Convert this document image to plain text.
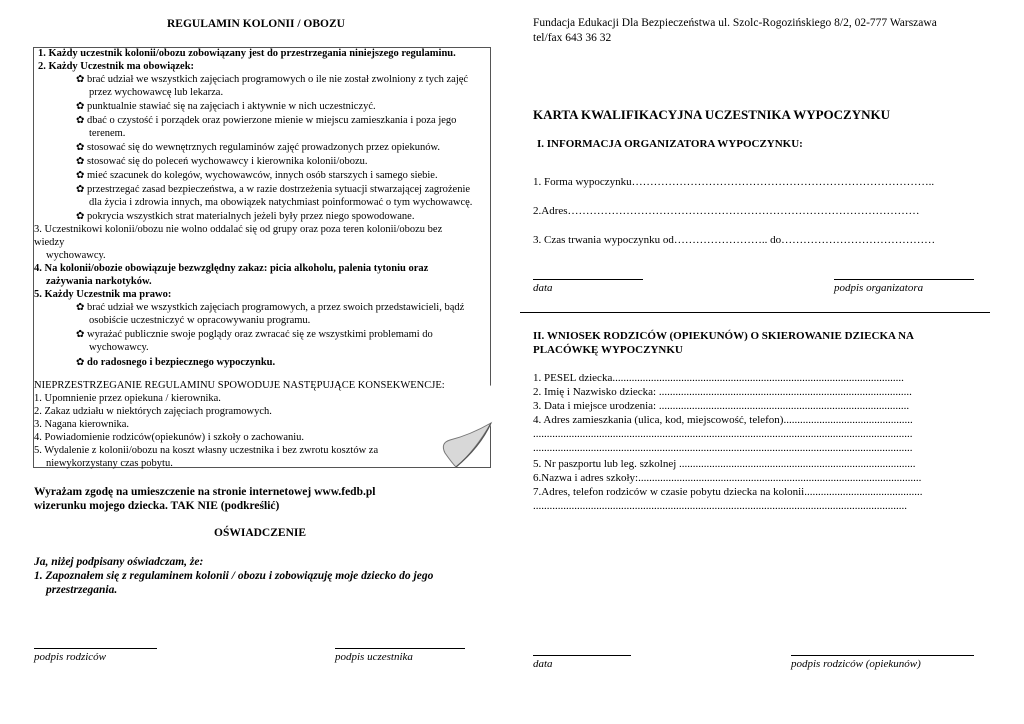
REGULAMIN KOLONII / OBOZU
1. Każdy uczestnik kolonii/obozu zobowiązany jest do przestrzegania niniejszego regulaminu.
2. Każdy Uczestnik ma obowiązek:
✿ brać udział we wszystkich zajęciach programowych o ile nie został zwolniony z tych zajęć
przez wychowawcę lub lekarza.
✿ punktualnie stawiać się na zajęciach i aktywnie w nich uczestniczyć.
✿ dbać o czystość i porządek oraz powierzone mienie w miejscu zamieszkania i poza jego
terenem.
✿ stosować się do wewnętrznych regulaminów zajęć prowadzonych przez opiekunów.
✿ stosować się do poleceń wychowawcy i kierownika kolonii/obozu.
✿ mieć szacunek do kolegów, wychowawców, innych osób starszych i samego siebie.
✿ przestrzegać zasad bezpieczeństwa, a w razie dostrzeżenia sytuacji stwarzającej zagrożenie
dla życia i zdrowia innych, ma obowiązek natychmiast poinformować o tym wychowawcę.
✿ pokrycia wszystkich strat materialnych jeżeli były przez niego spowodowane.
3. Uczestnikowi kolonii/obozu nie wolno oddalać się od grupy oraz poza teren kolonii/obozu bez
wiedzy
wychowawcy.
4. Na kolonii/obozie obowiązuje bezwzględny zakaz: picia alkoholu, palenia tytoniu oraz
zażywania narkotyków.
5. Każdy Uczestnik ma prawo:
✿ brać udział we wszystkich zajęciach programowych, a przez swoich przedstawicieli, bądź
osobiście uczestniczyć w opracowywaniu programu.
✿ wyrażać publicznie swoje poglądy oraz zwracać się ze wszystkimi problemami do
wychowawcy.
✿ do radosnego i bezpiecznego wypoczynku.
NIEPRZESTRZEGANIE REGULAMINU SPOWODUJE NASTĘPUJĄCE KONSEKWENCJE:
1. Upomnienie przez opiekuna / kierownika.
2. Zakaz udziału w niektórych zajęciach programowych.
3. Nagana kierownika.
4. Powiadomienie rodziców(opiekunów) i szkoły o zachowaniu.
5. Wydalenie z kolonii/obozu na koszt własny uczestnika i bez zwrotu kosztów za
niewykorzystany czas pobytu.
Wyrażam zgodę na umieszczenie na stronie internetowej www.fedb.pl
wizerunku mojego dziecka. TAK NIE (podkreślić)
OŚWIADCZENIE
Ja, niżej podpisany oświadczam, że:
1. Zapoznałem się z regulaminem kolonii / obozu i zobowiązuję moje dziecko do jego
przestrzegania.
podpis rodziców	podpis uczestnika
Fundacja Edukacji Dla Bezpieczeństwa ul. Szolc-Rogozińskiego 8/2, 02-777 Warszawa
tel/fax 643 36 32
KARTA KWALIFIKACYJNA UCZESTNIKA WYPOCZYNKU
I. INFORMACJA ORGANIZATORA WYPOCZYNKU:
1. Forma wypoczynku………………………………………………………………………..
2.Adres……………………………………………………………………………………
3. Czas trwania wypoczynku od…………………….. do……………………………………
data	podpis organizatora
II. WNIOSEK RODZICÓW (OPIEKUNÓW) O SKIEROWANIE DZIECKA NA
PLACÓWKĘ WYPOCZYNKU
1. PESEL dziecka..........................................................................................................
2. Imię i Nazwisko dziecka: ............................................................................................
3. Data i miejsce urodzenia: ...........................................................................................
4. Adres zamieszkania (ulica, kod, miejscowość, telefon)...............................................
..........................................................................................................................................
..........................................................................................................................................
5. Nr paszportu lub leg. szkolnej ......................................................................................
6.Nazwa i adres szkoły:.......................................................................................................
7.Adres, telefon rodziców w czasie pobytu dziecka na kolonii...........................................
........................................................................................................................................
data	podpis rodziców (opiekunów)
